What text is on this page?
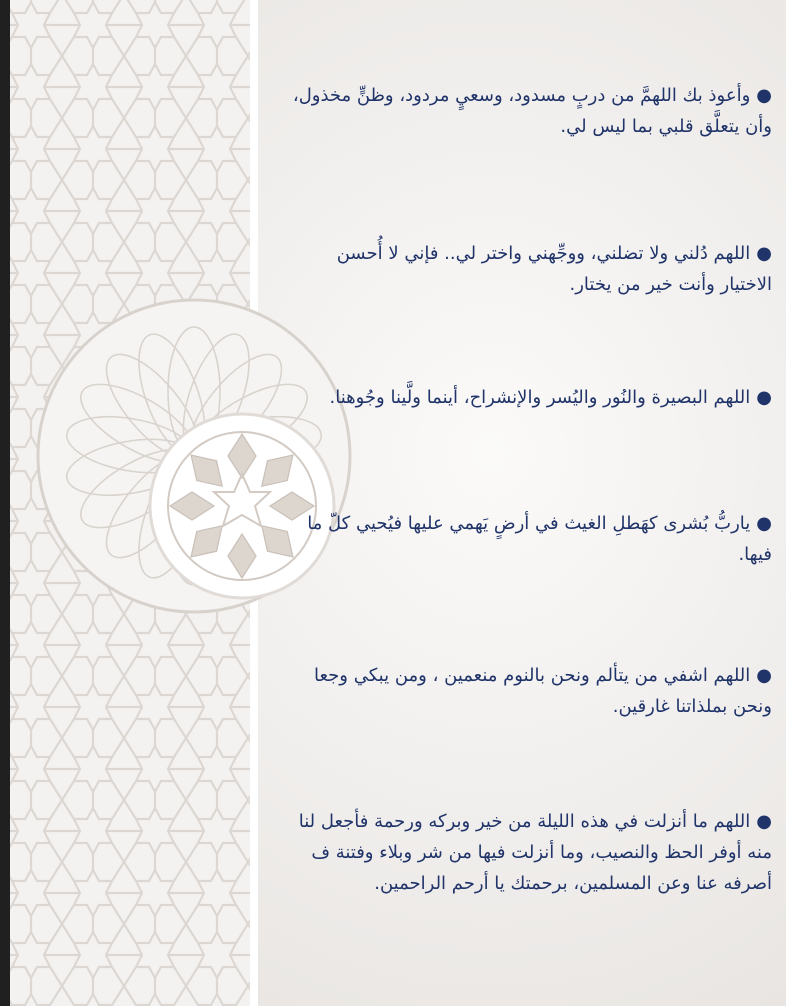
●وأعوذ بك اللهمَّ من دربٍ مسدود، وسعيٍ مردود، وظنٍّ مخذول، وأن يتعلَّق قلبي بما ليس لي.

●اللهم دُلني ولا تضلني، ووجِّهني واختر لي.. فإني لا أُحسن الاختيار وأنت خير من يختار.

●اللهم البصيرة والنُور واليُسر والإنشراح، أينما ولَّينا وجُوهنا.

●ياربُّ بُشرى كهَطلِ الغيث في أرضٍ يَهمي عليها فيُحيي كلّ ما فيها.

●اللهم اشفي من يتألم ونحن بالنوم منعمين ، ومن يبكي وجعا ونحن بملذاتنا غارقين.

●اللهم ما أنزلت في هذه الليلة من خير وبركه ورحمة فأجعل لنا منه أوفر الحظ والنصيب، وما أنزلت فيها من شر وبلاء وفتنة ف أصرفه عنا وعن المسلمين، برحمتك يا أرحم الراحمين.
